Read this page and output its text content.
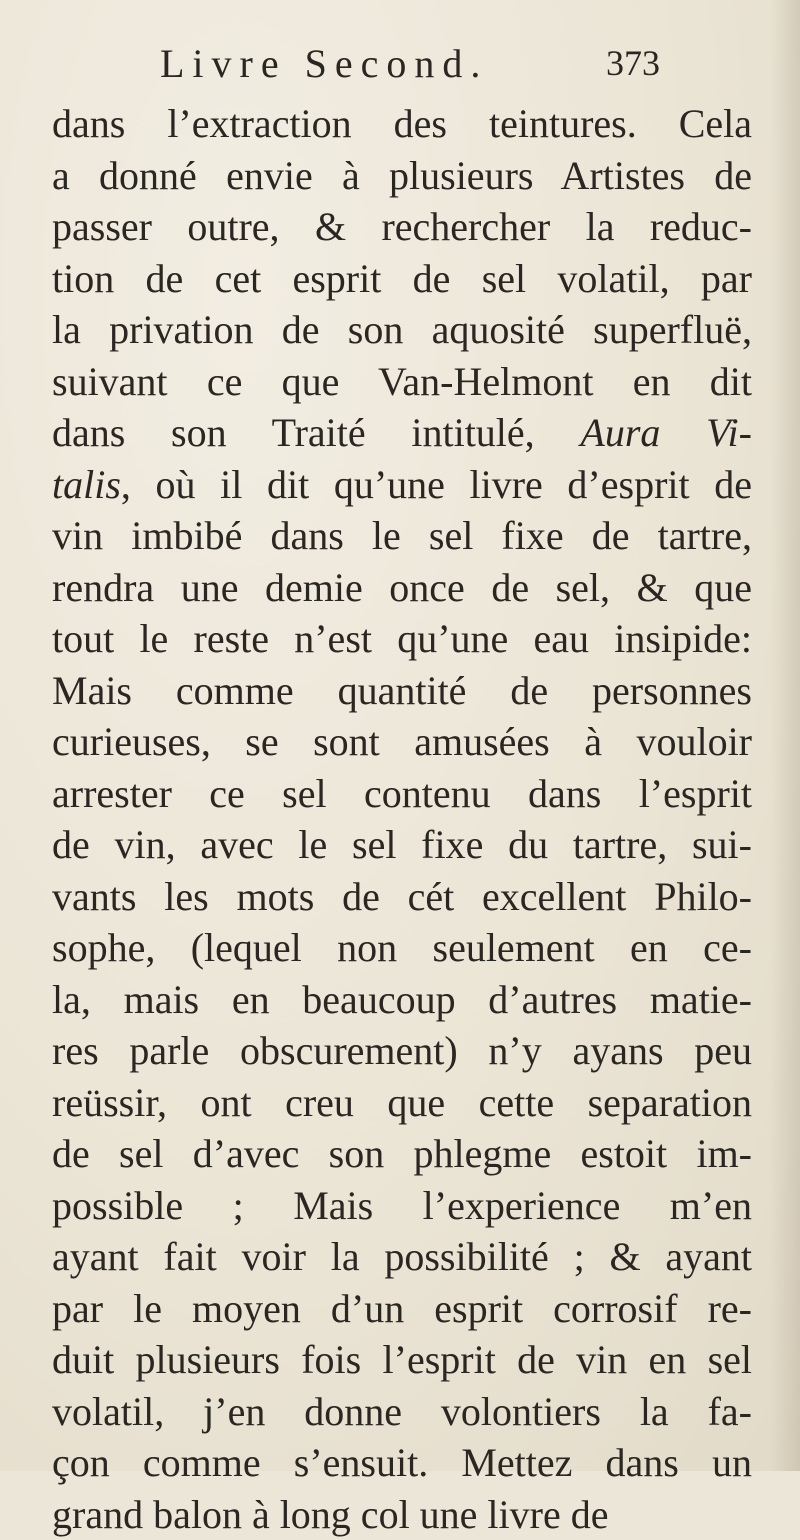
Livre Second.	373
dans l’extraction des teintures. Cela
a donné envie à plusieurs Artistes de
passer outre, & rechercher la reduc-
tion de cet esprit de sel volatil, par
la privation de son aquosité superfluë,
suivant ce que Van-Helmont en dit
dans son Traité intitulé, Aura Vi-
talis, où il dit qu’une livre d’esprit de
vin imbibé dans le sel fixe de tartre,
rendra une demie once de sel, & que
tout le reste n’est qu’une eau insipide:
Mais comme quantité de personnes
curieuses, se sont amusées à vouloir
arrester ce sel contenu dans l’esprit
de vin, avec le sel fixe du tartre, sui-
vants les mots de cét excellent Philo-
sophe, (lequel non seulement en ce-
la, mais en beaucoup d’autres matie-
res parle obscurement) n’y ayans peu
reüssir, ont creu que cette separation
de sel d’avec son phlegme estoit im-
possible ; Mais l’experience m’en
ayant fait voir la possibilité ; & ayant
par le moyen d’un esprit corrosif re-
duit plusieurs fois l’esprit de vin en sel
volatil, j’en donne volontiers la fa-
çon comme s’ensuit. Mettez dans un
grand balon à long col une livre de
